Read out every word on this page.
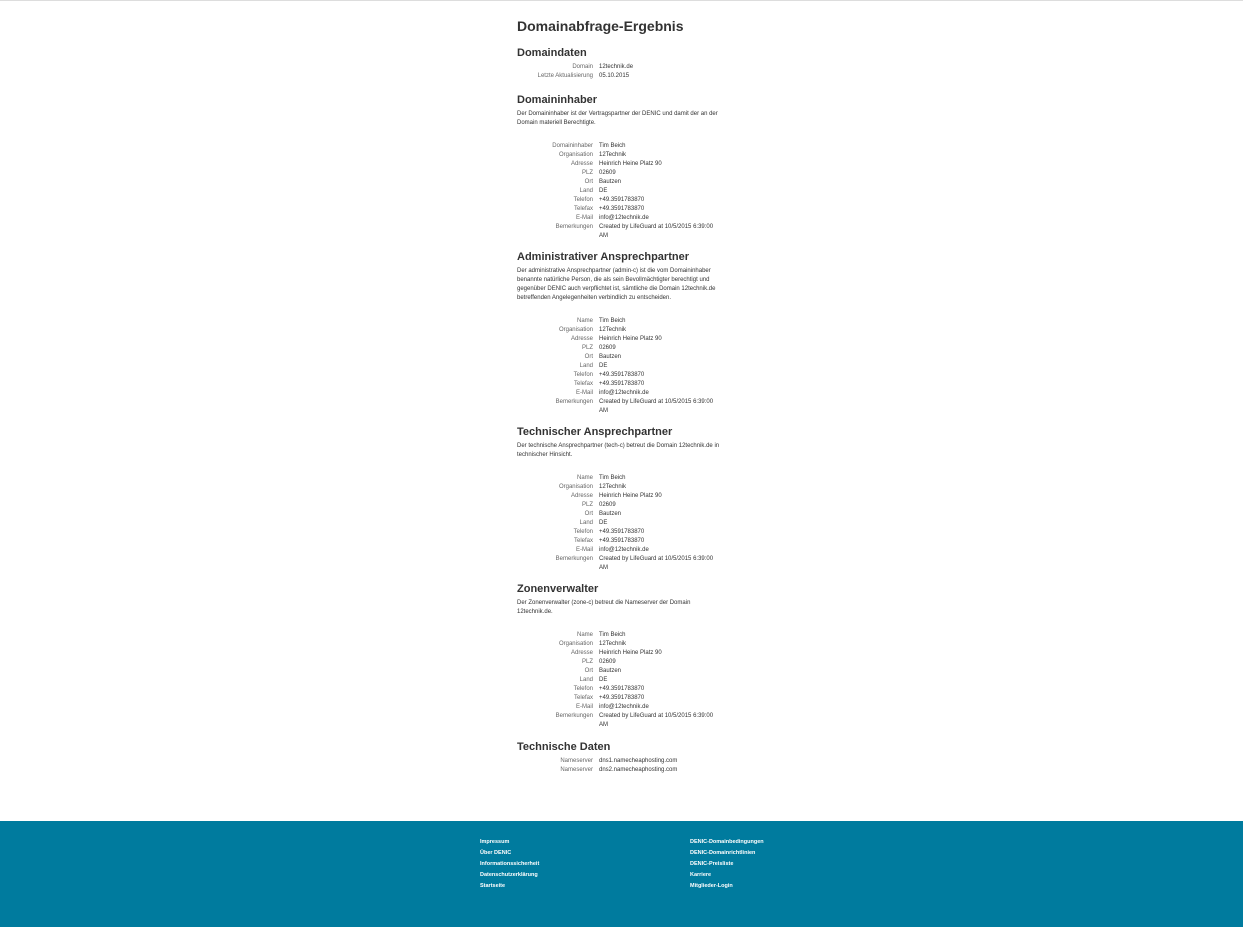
Domainabfrage-Ergebnis
Domaindaten
Domain 12technik.de
Letzte Aktualisierung 05.10.2015
Domaininhaber

Der Domaininhaber ist der Vertragspartner der DENIC und damit der an der Domain materiell Berechtigte.

Domaininhaber Tim Beich
Organisation 12Technik
Adresse Heinrich Heine Platz 90
PLZ 02609
Ort Bautzen
Land DE
Telefon +49.3591783870
Telefax +49.3591783870
E-Mail info@12technik.de
Bemerkungen Created by LifeGuard at 10/5/2015 6:39:00 AM
Administrativer Ansprechpartner

Der administrative Ansprechpartner (admin-c) ist die vom Domaininhaber benannte natürliche Person, die als sein Bevollmächtigter berechtigt und gegenüber DENIC auch verpflichtet ist, sämtliche die Domain 12technik.de betreffenden Angelegenheiten verbindlich zu entscheiden.

Name Tim Beich
Organisation 12Technik
Adresse Heinrich Heine Platz 90
PLZ 02609
Ort Bautzen
Land DE
Telefon +49.3591783870
Telefax +49.3591783870
E-Mail info@12technik.de
Bemerkungen Created by LifeGuard at 10/5/2015 6:39:00 AM
Technischer Ansprechpartner

Der technische Ansprechpartner (tech-c) betreut die Domain 12technik.de in technischer Hinsicht.

Name Tim Beich
Organisation 12Technik
Adresse Heinrich Heine Platz 90
PLZ 02609
Ort Bautzen
Land DE
Telefon +49.3591783870
Telefax +49.3591783870
E-Mail info@12technik.de
Bemerkungen Created by LifeGuard at 10/5/2015 6:39:00 AM
Zonenverwalter

Der Zonenverwalter (zone-c) betreut die Nameserver der Domain 12technik.de.

Name Tim Beich
Organisation 12Technik
Adresse Heinrich Heine Platz 90
PLZ 02609
Ort Bautzen
Land DE
Telefon +49.3591783870
Telefax +49.3591783870
E-Mail info@12technik.de
Bemerkungen Created by LifeGuard at 10/5/2015 6:39:00 AM
Technische Daten
Nameserver dns1.namecheaphosting.com
Nameserver dns2.namecheaphosting.com
Impressum
Über DENIC
Informationssicherheit
Datenschutzerklärung
Startseite
DENIC-Domainbedingungen
DENIC-Domainrichtlinien
DENIC-Preisliste
Karriere
Mitglieder-Login
